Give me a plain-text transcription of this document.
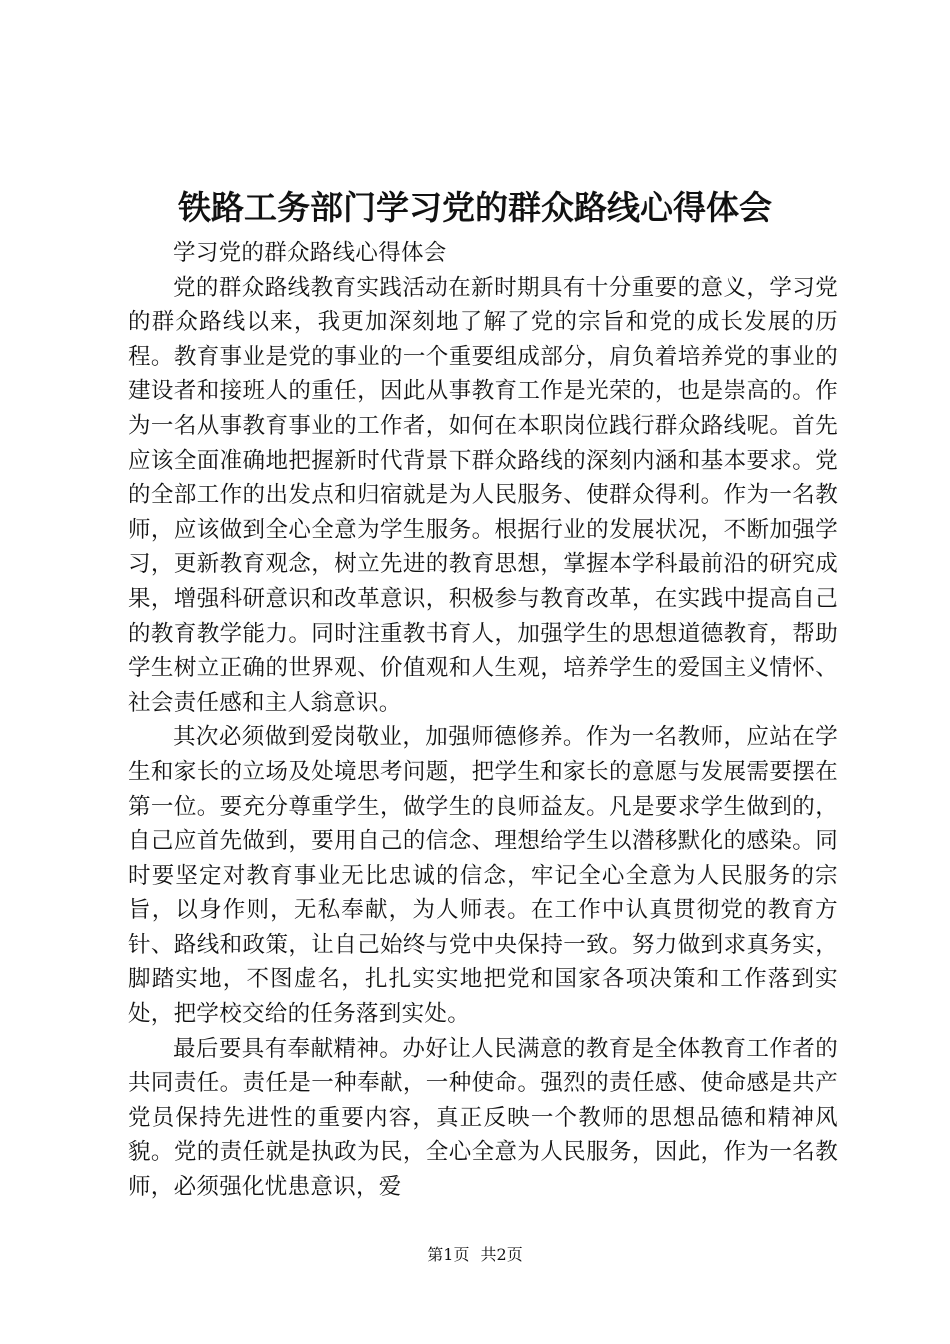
铁路工务部门学习党的群众路线心得体会

学习党的群众路线心得体会

党的群众路线教育实践活动在新时期具有十分重要的意义，学习党的群众路线以来，我更加深刻地了解了党的宗旨和党的成长发展的历程。教育事业是党的事业的一个重要组成部分，肩负着培养党的事业的建设者和接班人的重任，因此从事教育工作是光荣的，也是崇高的。作为一名从事教育事业的工作者，如何在本职岗位践行群众路线呢。首先应该全面准确地把握新时代背景下群众路线的深刻内涵和基本要求。党的全部工作的出发点和归宿就是为人民服务、使群众得利。作为一名教师，应该做到全心全意为学生服务。根据行业的发展状况，不断加强学习，更新教育观念，树立先进的教育思想，掌握本学科最前沿的研究成果，增强科研意识和改革意识，积极参与教育改革，在实践中提高自己的教育教学能力。同时注重教书育人，加强学生的思想道德教育，帮助学生树立正确的世界观、价值观和人生观，培养学生的爱国主义情怀、社会责任感和主人翁意识。

其次必须做到爱岗敬业，加强师德修养。作为一名教师，应站在学生和家长的立场及处境思考问题，把学生和家长的意愿与发展需要摆在第一位。要充分尊重学生，做学生的良师益友。凡是要求学生做到的，自己应首先做到，要用自己的信念、理想给学生以潜移默化的感染。同时要坚定对教育事业无比忠诚的信念，牢记全心全意为人民服务的宗旨，以身作则，无私奉献，为人师表。在工作中认真贯彻党的教育方针、路线和政策，让自己始终与党中央保持一致。努力做到求真务实，脚踏实地，不图虚名，扎扎实实地把党和国家各项决策和工作落到实处，把学校交给的任务落到实处。

最后要具有奉献精神。办好让人民满意的教育是全体教育工作者的共同责任。责任是一种奉献，一种使命。强烈的责任感、使命感是共产党员保持先进性的重要内容，真正反映一个教师的思想品德和精神风貌。党的责任就是执政为民，全心全意为人民服务，因此，作为一名教师，必须强化忧患意识，爱

第1页 共2页
